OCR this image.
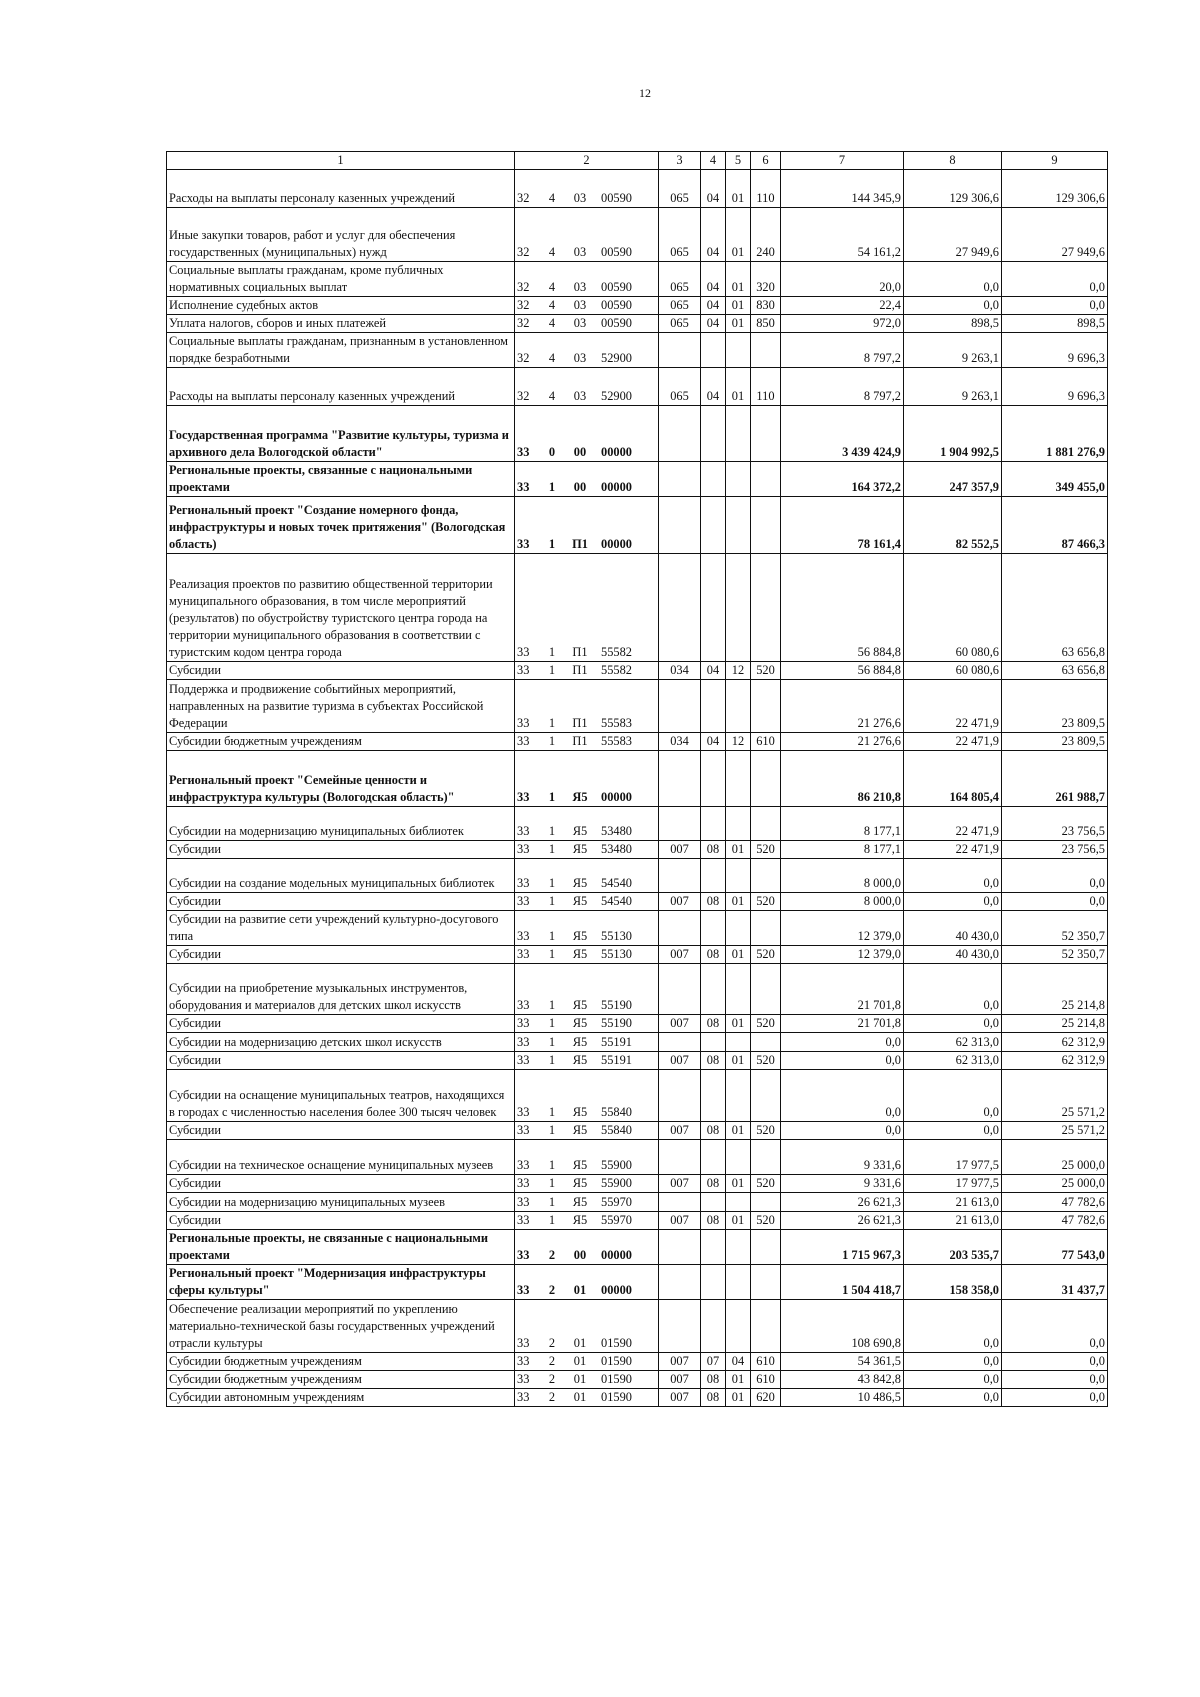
12
1	2	3	4	5	6	7	8	9
Расходы на выплаты персоналу казенных учреждений	32 4 03 00590	065	04	01	110	144 345,9	129 306,6	129 306,6
Иные закупки товаров, работ и услуг для обеспечения государственных (муниципальных) нужд	32 4 03 00590	065	04	01	240	54 161,2	27 949,6	27 949,6
Социальные выплаты гражданам, кроме публичных нормативных социальных выплат	32 4 03 00590	065	04	01	320	20,0	0,0	0,0
Исполнение судебных актов	32 4 03 00590	065	04	01	830	22,4	0,0	0,0
Уплата налогов, сборов и иных платежей	32 4 03 00590	065	04	01	850	972,0	898,5	898,5
Социальные выплаты гражданам, признанным в установленном порядке безработными	32 4 03 52900					8 797,2	9 263,1	9 696,3
Расходы на выплаты персоналу казенных учреждений	32 4 03 52900	065	04	01	110	8 797,2	9 263,1	9 696,3
Государственная программа "Развитие культуры, туризма и архивного дела Вологодской области"	33 0 00 00000					3 439 424,9	1 904 992,5	1 881 276,9
Региональные проекты, связанные с национальными проектами	33 1 00 00000					164 372,2	247 357,9	349 455,0
Региональный проект "Создание номерного фонда, инфраструктуры и новых точек притяжения" (Вологодская область)	33 1 П1 00000					78 161,4	82 552,5	87 466,3
Реализация проектов по развитию общественной территории муниципального образования, в том числе мероприятий (результатов) по обустройству туристского центра города на территории муниципального образования в соответствии с туристским кодом центра города	33 1 П1 55582					56 884,8	60 080,6	63 656,8
Субсидии	33 1 П1 55582	034	04	12	520	56 884,8	60 080,6	63 656,8
Поддержка и продвижение событийных мероприятий, направленных на развитие туризма в субъектах Российской Федерации	33 1 П1 55583					21 276,6	22 471,9	23 809,5
Субсидии бюджетным учреждениям	33 1 П1 55583	034	04	12	610	21 276,6	22 471,9	23 809,5
Региональный проект "Семейные ценности и инфраструктура культуры (Вологодская область)"	33 1 Я5 00000					86 210,8	164 805,4	261 988,7
Субсидии на модернизацию муниципальных библиотек	33 1 Я5 53480					8 177,1	22 471,9	23 756,5
Субсидии	33 1 Я5 53480	007	08	01	520	8 177,1	22 471,9	23 756,5
Субсидии на создание модельных муниципальных библиотек	33 1 Я5 54540					8 000,0	0,0	0,0
Субсидии	33 1 Я5 54540	007	08	01	520	8 000,0	0,0	0,0
Субсидии на развитие сети учреждений культурно-досугового типа	33 1 Я5 55130					12 379,0	40 430,0	52 350,7
Субсидии	33 1 Я5 55130	007	08	01	520	12 379,0	40 430,0	52 350,7
Субсидии на приобретение музыкальных инструментов, оборудования и материалов для детских школ искусств	33 1 Я5 55190					21 701,8	0,0	25 214,8
Субсидии	33 1 Я5 55190	007	08	01	520	21 701,8	0,0	25 214,8
Субсидии на модернизацию детских школ искусств	33 1 Я5 55191					0,0	62 313,0	62 312,9
Субсидии	33 1 Я5 55191	007	08	01	520	0,0	62 313,0	62 312,9
Субсидии на оснащение муниципальных театров, находящихся в городах с численностью населения более 300 тысяч человек	33 1 Я5 55840					0,0	0,0	25 571,2
Субсидии	33 1 Я5 55840	007	08	01	520	0,0	0,0	25 571,2
Субсидии на техническое оснащение муниципальных музеев	33 1 Я5 55900					9 331,6	17 977,5	25 000,0
Субсидии	33 1 Я5 55900	007	08	01	520	9 331,6	17 977,5	25 000,0
Субсидии на модернизацию муниципальных музеев	33 1 Я5 55970					26 621,3	21 613,0	47 782,6
Субсидии	33 1 Я5 55970	007	08	01	520	26 621,3	21 613,0	47 782,6
Региональные проекты, не связанные с национальными проектами	33 2 00 00000					1 715 967,3	203 535,7	77 543,0
Региональный проект "Модернизация инфраструктуры сферы культуры"	33 2 01 00000					1 504 418,7	158 358,0	31 437,7
Обеспечение реализации мероприятий по укреплению материально-технической базы государственных учреждений отрасли культуры	33 2 01 01590					108 690,8	0,0	0,0
Субсидии бюджетным учреждениям	33 2 01 01590	007	07	04	610	54 361,5	0,0	0,0
Субсидии бюджетным учреждениям	33 2 01 01590	007	08	01	610	43 842,8	0,0	0,0
Субсидии автономным учреждениям	33 2 01 01590	007	08	01	620	10 486,5	0,0	0,0
